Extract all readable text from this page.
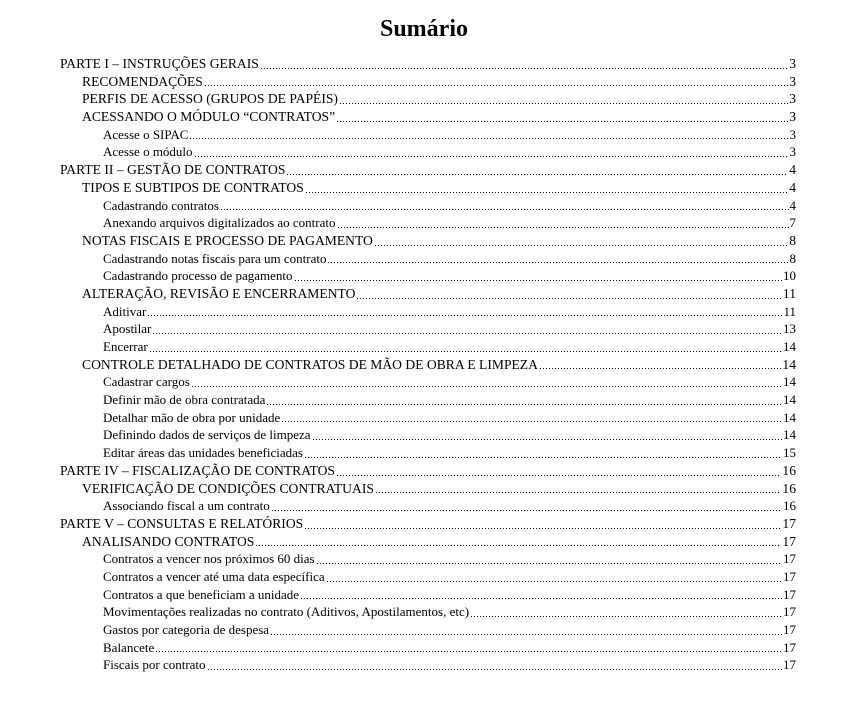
Sumário
PARTE I – INSTRUÇÕES GERAIS	3
RECOMENDAÇÕES	3
PERFIS DE ACESSO (GRUPOS DE PAPÉIS)	3
ACESSANDO O MÓDULO “CONTRATOS”	3
Acesse o SIPAC	3
Acesse o módulo	3
PARTE II – GESTÃO DE CONTRATOS	4
TIPOS E SUBTIPOS DE CONTRATOS	4
Cadastrando contratos	4
Anexando arquivos digitalizados ao contrato	7
NOTAS FISCAIS E PROCESSO DE PAGAMENTO	8
Cadastrando notas fiscais para um contrato	8
Cadastrando processo de pagamento	10
ALTERAÇÃO, REVISÃO E ENCERRAMENTO	11
Aditivar	11
Apostilar	13
Encerrar	14
CONTROLE DETALHADO DE CONTRATOS DE MÃO DE OBRA E LIMPEZA	14
Cadastrar cargos	14
Definir mão de obra contratada	14
Detalhar mão de obra por unidade	14
Definindo dados de serviços de limpeza	14
Editar áreas das unidades beneficiadas	15
PARTE IV – FISCALIZAÇÃO DE CONTRATOS	16
VERIFICAÇÃO DE CONDIÇÕES CONTRATUAIS	16
Associando fiscal a um contrato	16
PARTE V – CONSULTAS E RELATÓRIOS	17
ANALISANDO CONTRATOS	17
Contratos a vencer nos próximos 60 dias	17
Contratos a vencer até uma data específica	17
Contratos a que beneficiam a unidade	17
Movimentações realizadas no contrato (Aditivos, Apostilamentos, etc)	17
Gastos por categoria de despesa	17
Balancete	17
Fiscais por contrato	17
